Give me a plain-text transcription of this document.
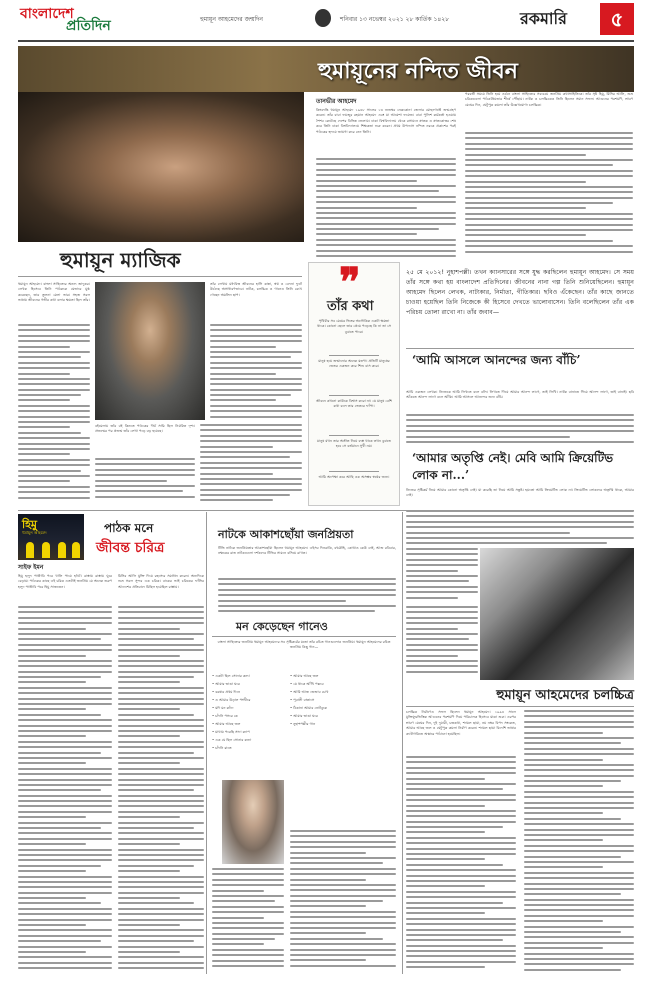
বাংলাদেশ
প্রতিদিন	হুমায়ূন আহমেদের জন্মদিন	শনিবার ১৩ নভেম্বর ২০২১ ২৮ কার্তিক ১৪২৮	রকমারি	৫
হুমায়ূনের নন্দিত জীবন
তানভীর আহমেদ
কিংবদন্তি হুমায়ূন আহমেদ ১৯৪৮ সালের ১৩ নভেম্বর নেত্রকোনা জেলার মোহনগঞ্জে জন্মগ্রহণ করেন। তাঁর বাবা ফয়জুর রহমান আহমেদ এবং মা আয়েশা ফয়েজ। বাবা পুলিশ কর্মকর্তা হওয়ায় শৈশব কেটেছে দেশের বিভিন্ন জেলায়। ঢাকা বিশ্ববিদ্যালয় থেকে রসায়নে স্নাতক ও স্নাতকোত্তর শেষ করে তিনি ঢাকা বিশ্ববিদ্যালয়ে শিক্ষকতা শুরু করেন। প্রথম উপন্যাস নন্দিত নরকে প্রকাশের পরই পাঠকের হৃদয়ে জায়গা করে নেন তিনি।
পরবর্তী সময়ে তিনি হয়ে ওঠেন বাংলা সাহিত্যের সবচেয়ে জনপ্রিয় কথাসাহিত্যিক। তাঁর সৃষ্ট হিমু, মিসির আলি, শুভ্র চরিত্রগুলো পাঠকপ্রিয়তার শীর্ষে পৌঁছায়। নাটক ও চলচ্চিত্রেও তিনি ছিলেন সমান সফল। আগুনের পরশমণি, শ্রাবণ মেঘের দিন, ঘেটুপুত্র কমলা তাঁর উল্লেখযোগ্য চলচ্চিত্র।
হুমায়ূন ম্যাজিক
হুমায়ূন আহমেদ। বাংলা সাহিত্যের অনন্য জাদুকর। লেখক হিসেবে তিনি পাঠককে যেভাবে মুগ্ধ করেছেন, তার তুলনা মেলা ভার। সহজ সরল ভাষায় জীবনের গভীর কথা বলার ক্ষমতা ছিল তাঁর।
তাঁর লেখায় মধ্যবিত্ত জীবনের হাসি কান্না, স্বপ্ন ও বেদনা ফুটে উঠেছে অসাধারণভাবে। নাটক, চলচ্চিত্র ও গানেও তিনি রেখে গেছেন অমলিন ছাপ।
বইমেলায় তাঁর বই কিনতে পাঠকের দীর্ঘ সারি ছিল নিয়মিত দৃশ্য। প্রজন্মের পর প্রজন্ম তাঁর লেখা পড়ে বড় হয়েছে।
❞
তাঁর কথা
পৃথিবীর সব মেয়ের ভিতর অলৌকিক একটা ক্ষমতা থাকে। কোনো ছেলে তার প্রেমে পড়েছে কি না তা সে বুঝতে পারে।
মানুষ হয়ে জন্মানোর অনেক যন্ত্রণা। প্রতিটি মানুষের ভেতর একজন করে শিশু বাস করে।
জীবনে কখনো কাউকে বিশ্বাস করো না। যে মানুষ বেশি কথা বলে তার ভেতরে ফাঁপা।
মানুষ যখন তার অতীত নিয়ে ব্যস্ত থাকে তখন বুঝতে হবে সে বর্তমানে সুখী নয়।
আমি অপেক্ষা করে আছি এক অসম্ভব স্বপ্নের জন্য।
২৫ মে ২০১২! নুহাশপল্লী। তখন ক্যানসারের সঙ্গে যুদ্ধ করছিলেন হুমায়ূন আহমেদ। সে সময় তাঁর সঙ্গে কথা হয় বাংলাদেশ প্রতিদিনের। জীবনের নানা গল্প তিনি শুনিয়েছিলেন। হুমায়ূন আহমেদ ছিলেন লেখক, নাট্যকার, নির্মাতা, গীতিকার। ছবিও এঁকেছেন। তাঁর কাছে জানতে চাওয়া হয়েছিল তিনি নিজেকে কী হিসেবে দেখতে ভালোবাসেন। তিনি বলেছিলেন তাঁর এক পরিচয় তোলা রাখো না। তাঁর জবাব—
‘আমি আসলে আনন্দের জন্য বাঁচি’
আমি একজন লেখক। নিজেকে আমি লিখতে বলে বলি। লিখতে গিয়ে আমার আনন্দ লাগে, তাই লিখি। নাটক বানাতে গিয়ে আনন্দ লাগে, তাই বানাই। ছবি আঁকতে আনন্দ লাগে বলে আঁকি। আমি আসলে আনন্দের জন্য বাঁচি।
‘আমার অতৃপ্তি নেই। মেবি আমি ক্রিয়েটিভ লোক না...’
নিজের সৃষ্টিকর্ম নিয়ে আমার কোনো অতৃপ্তি নেই। যা করেছি তা নিয়ে আমি সন্তুষ্ট। হয়তো আমি ক্রিয়েটিভ লোক না। ক্রিয়েটিভ লোকদের অতৃপ্তি থাকে, আমার নেই।
হিমু
হুমায়ূন আহমেদ	পাঠক মনে
জীবন্ত চরিত্র
সাইফ ইমন
হিমু হলুদ পাঞ্জাবি পরে খালি পায়ে হাঁটে। রাস্তায় রাস্তায় ঘুরে বেড়ায়। পাঠকের কাছে এই চরিত্র এতটাই জনপ্রিয় যে অনেক তরুণ হলুদ পাঞ্জাবি পরে হিমু সাজতেন।
মিসির আলি যুক্তি দিয়ে রহস্যের সমাধান করেন। অন্যদিকে শুভ্র সরল সুন্দর এক চরিত্র। বাকের ভাই চরিত্রের ফাঁসির আদেশের প্রতিবাদে মিছিল হয়েছিল রাস্তায়।
নাটকে আকাশছোঁয়া জনপ্রিয়তা
টিভি নাটকে জনপ্রিয়তার আকাশছোঁয়া ছিলেন হুমায়ূন আহমেদ। এইসব দিনরাত্রি, বহুব্রীহি, কোথাও কেউ নেই, আজ রবিবার, নক্ষত্রের রাত নাটকগুলো দর্শকদের টিভির সামনে বসিয়ে রাখত।
মন কেড়েছেন গানেও
বাংলা সাহিত্যের জনপ্রিয় হুমায়ূন আহমেদের সব সৃষ্টিকর্মের মতো তাঁর রচিত গানগুলোও জনপ্রিয়। হুমায়ূন আহমেদের রচিত জনপ্রিয় কিছু গান—
• একটা ছিল সোনার কন্যা
• আমার ভাঙা ঘরে
• বরষার প্রথম দিনে
• ও আমার উড়াল পংখীরে
• যদি মন কাঁদে
• চাঁদনি পসরে কে
• আমার আছে জল
• মাথায় পরেছি সাদা ক্যাপ
• এক যে ছিল সোনার কন্যা
• চাঁদনি রাতে
• আমার আছে জল
• যে থাকে আঁখি পল্লবে
• আমি আজ ভেজাব চোখ
• পূবালী বাতাসে
• ঠিকানা আমার নোটবুকে
• আমার ভাঙা ঘরে
• নুহাশপল্লীর গান
হুমায়ূন আহমেদের চলচ্চিত্র
চলচ্চিত্র নির্মাণেও সফল ছিলেন হুমায়ূন আহমেদ। ১৯৯৪ সালে মুক্তিযুদ্ধভিত্তিক আগুনের পরশমণি দিয়ে পরিচালক হিসেবে যাত্রা শুরু। এরপর শ্রাবণ মেঘের দিন, দুই দুয়ারী, চন্দ্রকথা, শ্যামল ছায়া, নয় নম্বর বিপদ সংকেত, আমার আছে জল ও ঘেটুপুত্র কমলা নির্মাণ করেন। শ্যামল ছায়া বিদেশি ভাষার ক্যাটাগরিতে অস্কারে পাঠানো হয়েছিল।
